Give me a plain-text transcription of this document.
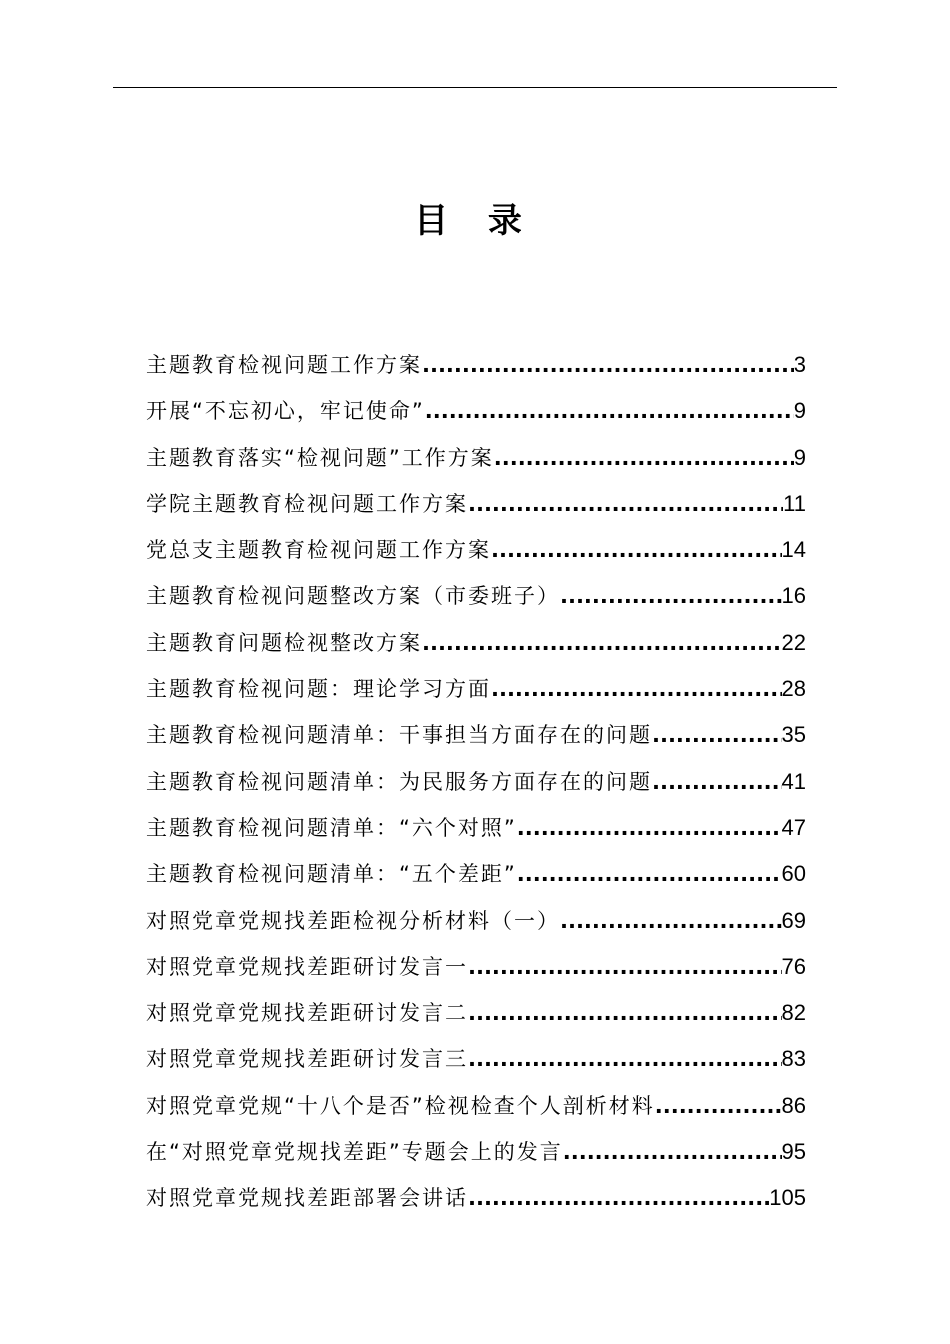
目 录
主题教育检视问题工作方案 .....	3
开展“不忘初心，牢记使命” .....	9
主题教育落实“检视问题”工作方案 .....	9
学院主题教育检视问题工作方案 .....	11
党总支主题教育检视问题工作方案 .....	14
主题教育检视问题整改方案（市委班子） .....	16
主题教育问题检视整改方案 .....	22
主题教育检视问题：理论学习方面 .....	28
主题教育检视问题清单：干事担当方面存在的问题 .....	35
主题教育检视问题清单：为民服务方面存在的问题 .....	41
主题教育检视问题清单：“六个对照” .....	47
主题教育检视问题清单：“五个差距” .....	60
对照党章党规找差距检视分析材料（一） .....	69
对照党章党规找差距研讨发言一 .....	76
对照党章党规找差距研讨发言二 .....	82
对照党章党规找差距研讨发言三 .....	83
对照党章党规“十八个是否”检视检查个人剖析材料 .....	86
在“对照党章党规找差距”专题会上的发言 .....	95
对照党章党规找差距部署会讲话 .....	105
